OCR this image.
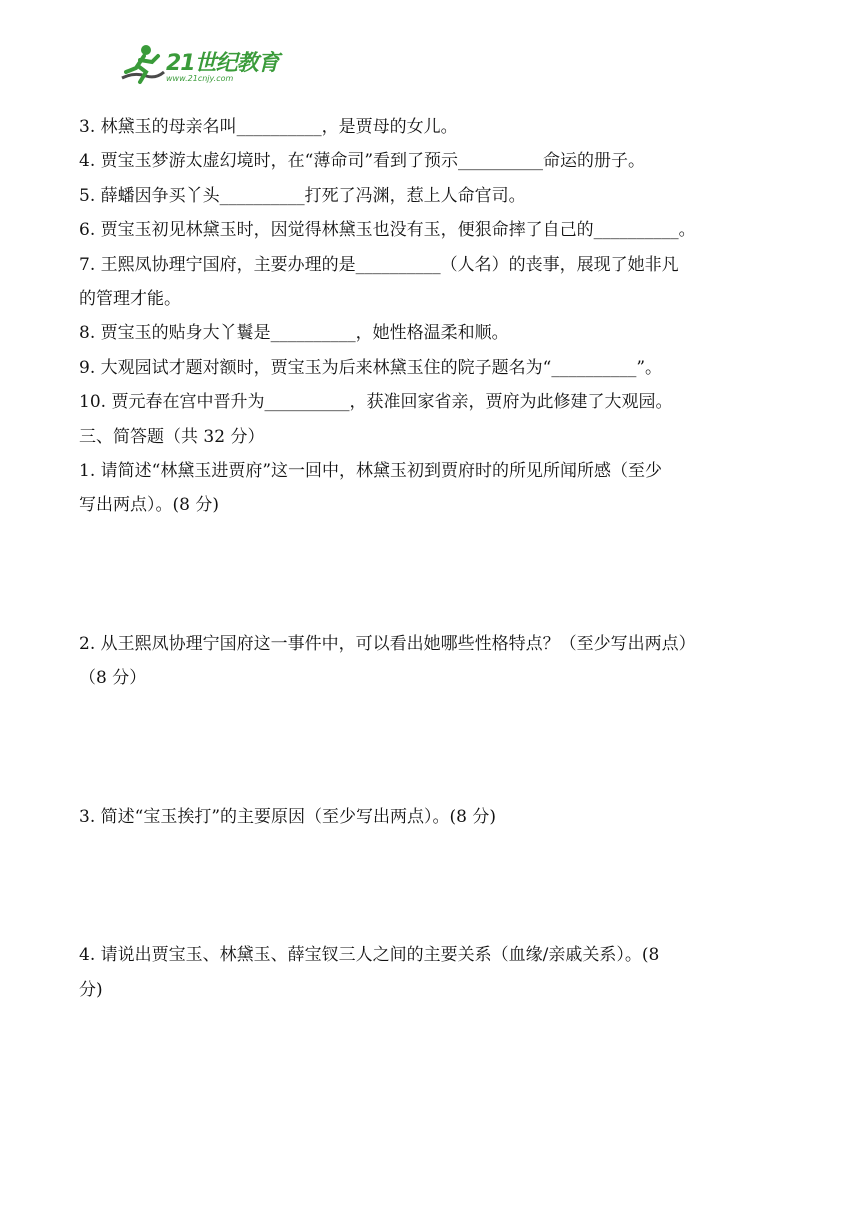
21世纪教育
www.21cnjy.com
3. 林黛玉的母亲名叫__________，是贾母的女儿。
4. 贾宝玉梦游太虚幻境时，在“薄命司”看到了预示__________命运的册子。
5. 薛蟠因争买丫头__________打死了冯渊，惹上人命官司。
6. 贾宝玉初见林黛玉时，因觉得林黛玉也没有玉，便狠命摔了自己的__________。
7. 王熙凤协理宁国府，主要办理的是__________（人名）的丧事，展现了她非凡
的管理才能。
8. 贾宝玉的贴身大丫鬟是__________，她性格温柔和顺。
9. 大观园试才题对额时，贾宝玉为后来林黛玉住的院子题名为“__________”。
10. 贾元春在宫中晋升为__________，获准回家省亲，贾府为此修建了大观园。
三、简答题（共 32 分）
1. 请简述“林黛玉进贾府”这一回中，林黛玉初到贾府时的所见所闻所感（至少
写出两点）。(8 分)
2. 从王熙凤协理宁国府这一事件中，可以看出她哪些性格特点？（至少写出两点）
（8 分）
3. 简述“宝玉挨打”的主要原因（至少写出两点）。(8 分)
4. 请说出贾宝玉、林黛玉、薛宝钗三人之间的主要关系（血缘/亲戚关系）。(8
分)
